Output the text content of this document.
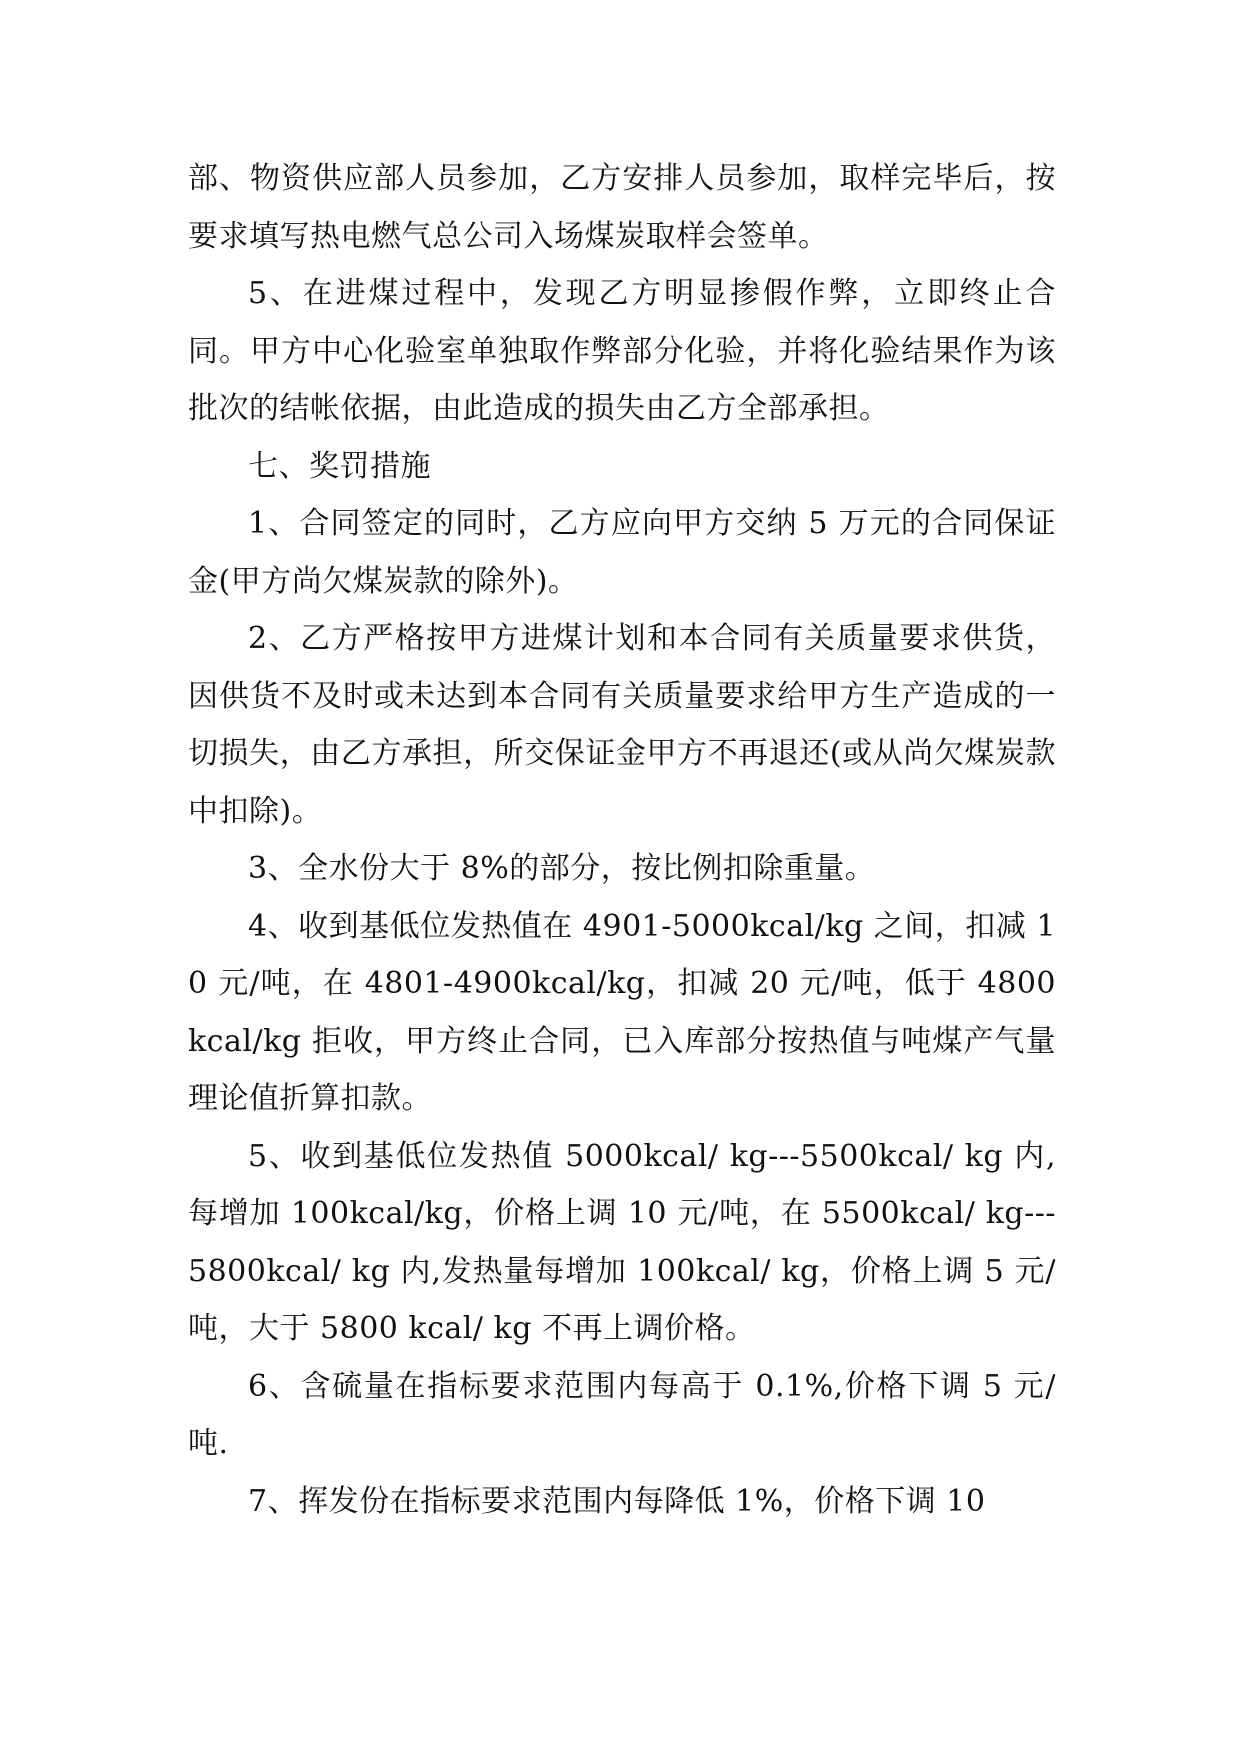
部、物资供应部人员参加，乙方安排人员参加，取样完毕后，按要求填写热电燃气总公司入场煤炭取样会签单。

5、在进煤过程中，发现乙方明显掺假作弊，立即终止合同。甲方中心化验室单独取作弊部分化验，并将化验结果作为该批次的结帐依据，由此造成的损失由乙方全部承担。

七、奖罚措施

1、合同签定的同时，乙方应向甲方交纳 5 万元的合同保证金(甲方尚欠煤炭款的除外)。

2、乙方严格按甲方进煤计划和本合同有关质量要求供货，因供货不及时或未达到本合同有关质量要求给甲方生产造成的一切损失，由乙方承担，所交保证金甲方不再退还(或从尚欠煤炭款中扣除)。

3、全水份大于 8%的部分，按比例扣除重量。

4、收到基低位发热值在 4901-5000kcal/kg 之间，扣减 10 元/吨，在 4801-4900kcal/kg，扣减 20 元/吨，低于 4800kcal/kg 拒收，甲方终止合同，已入库部分按热值与吨煤产气量理论值折算扣款。

5、收到基低位发热值 5000kcal/ kg---5500kcal/ kg 内,每增加 100kcal/kg，价格上调 10 元/吨，在 5500kcal/ kg---5800kcal/ kg 内,发热量每增加 100kcal/ kg，价格上调 5 元/吨，大于 5800 kcal/ kg 不再上调价格。

6、含硫量在指标要求范围内每高于 0.1%,价格下调 5 元/吨.

7、挥发份在指标要求范围内每降低 1%，价格下调 10
